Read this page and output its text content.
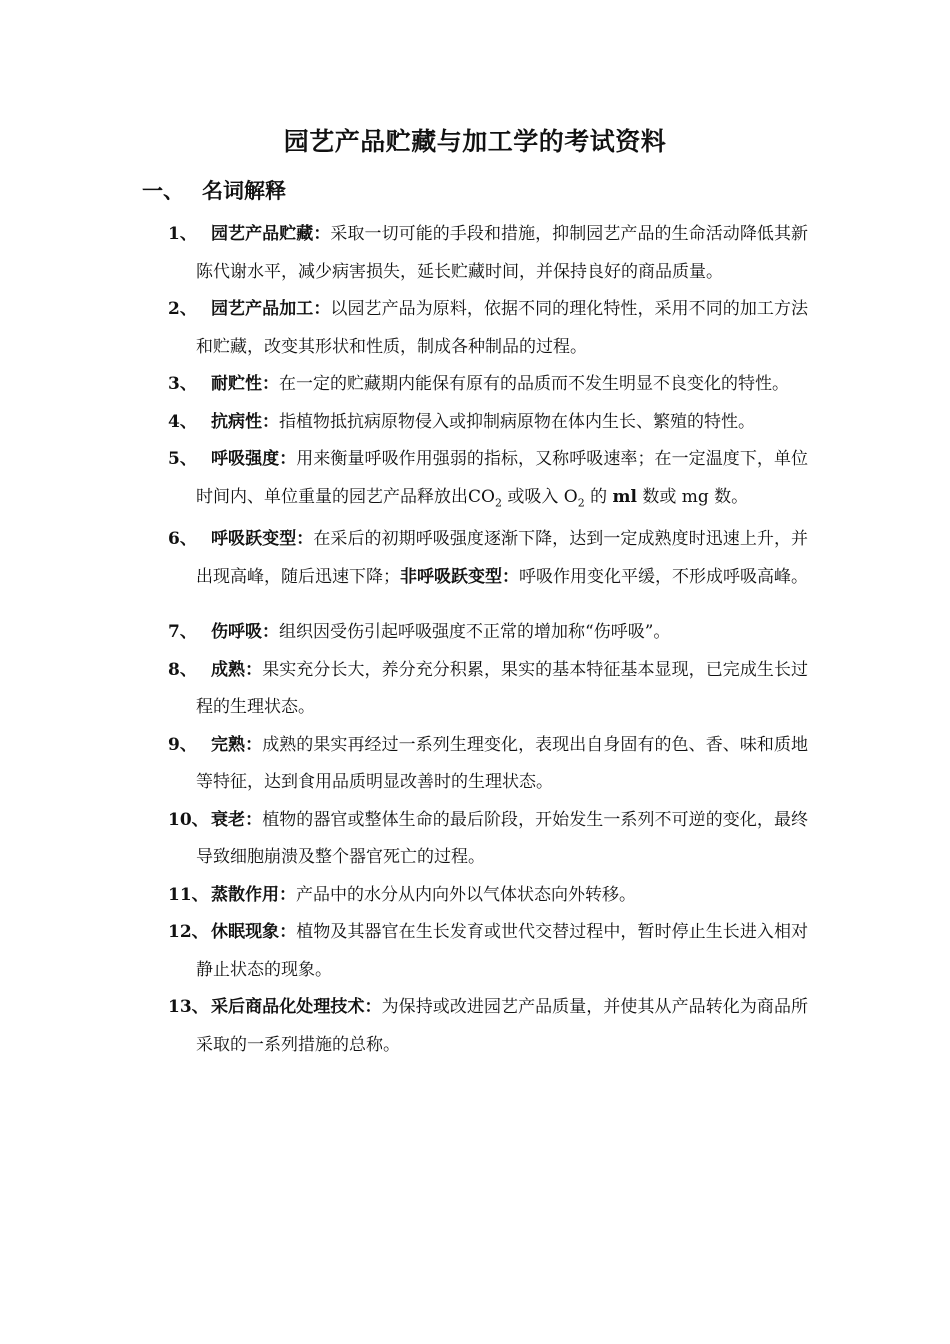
园艺产品贮藏与加工学的考试资料
一、 名词解释
1、 园艺产品贮藏：采取一切可能的手段和措施，抑制园艺产品的生命活动降低其新陈代谢水平，减少病害损失，延长贮藏时间，并保持良好的商品质量。
2、 园艺产品加工：以园艺产品为原料，依据不同的理化特性，采用不同的加工方法和贮藏，改变其形状和性质，制成各种制品的过程。
3、 耐贮性：在一定的贮藏期内能保有原有的品质而不发生明显不良变化的特性。
4、 抗病性：指植物抵抗病原物侵入或抑制病原物在体内生长、繁殖的特性。
5、 呼吸强度：用来衡量呼吸作用强弱的指标，又称呼吸速率；在一定温度下，单位时间内、单位重量的园艺产品释放出$CO_2$ 或吸入 $O_2$ 的 ml 数或 mg 数。
6、 呼吸跃变型：在采后的初期呼吸强度逐渐下降，达到一定成熟度时迅速上升，并出现高峰，随后迅速下降；非呼吸跃变型：呼吸作用变化平缓，不形成呼吸高峰。
7、 伤呼吸：组织因受伤引起呼吸强度不正常的增加称“伤呼吸”。
8、 成熟：果实充分长大，养分充分积累，果实的基本特征基本显现，已完成生长过程的生理状态。
9、 完熟：成熟的果实再经过一系列生理变化，表现出自身固有的色、香、味和质地等特征，达到食用品质明显改善时的生理状态。
10、 衰老：植物的器官或整体生命的最后阶段，开始发生一系列不可逆的变化，最终导致细胞崩溃及整个器官死亡的过程。
11、 蒸散作用：产品中的水分从内向外以气体状态向外转移。
12、 休眠现象：植物及其器官在生长发育或世代交替过程中，暂时停止生长进入相对静止状态的现象。
13、 采后商品化处理技术：为保持或改进园艺产品质量，并使其从产品转化为商品所采取的一系列措施的总称。
